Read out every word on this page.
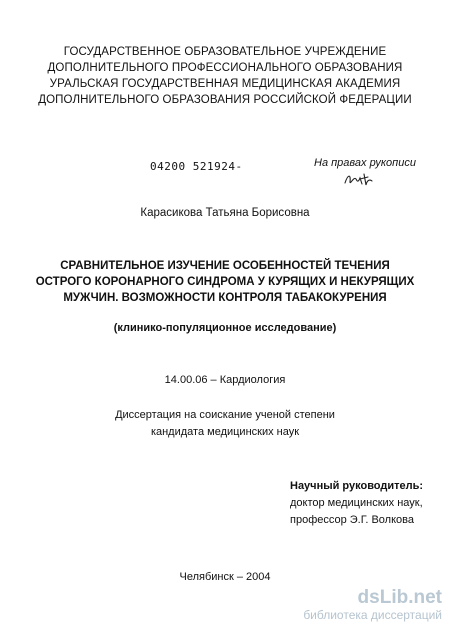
ГОСУДАРСТВЕННОЕ ОБРАЗОВАТЕЛЬНОЕ УЧРЕЖДЕНИЕ
ДОПОЛНИТЕЛЬНОГО ПРОФЕССИОНАЛЬНОГО ОБРАЗОВАНИЯ
УРАЛЬСКАЯ ГОСУДАРСТВЕННАЯ МЕДИЦИНСКАЯ АКАДЕМИЯ
ДОПОЛНИТЕЛЬНОГО ОБРАЗОВАНИЯ РОССИЙСКОЙ ФЕДЕРАЦИИ
04200 521924-	На правах рукописи
Карасикова Татьяна Борисовна
СРАВНИТЕЛЬНОЕ ИЗУЧЕНИЕ ОСОБЕННОСТЕЙ ТЕЧЕНИЯ
ОСТРОГО КОРОНАРНОГО СИНДРОМА У КУРЯЩИХ И НЕКУРЯЩИХ
МУЖЧИН. ВОЗМОЖНОСТИ КОНТРОЛЯ ТАБАКОКУРЕНИЯ
(клинико-популяционное исследование)
14.00.06 – Кардиология
Диссертация на соискание ученой степени
кандидата медицинских наук
Научный руководитель:
доктор медицинских наук,
профессор Э.Г. Волкова
Челябинск – 2004
dsLib.net
библиотека диссертаций
